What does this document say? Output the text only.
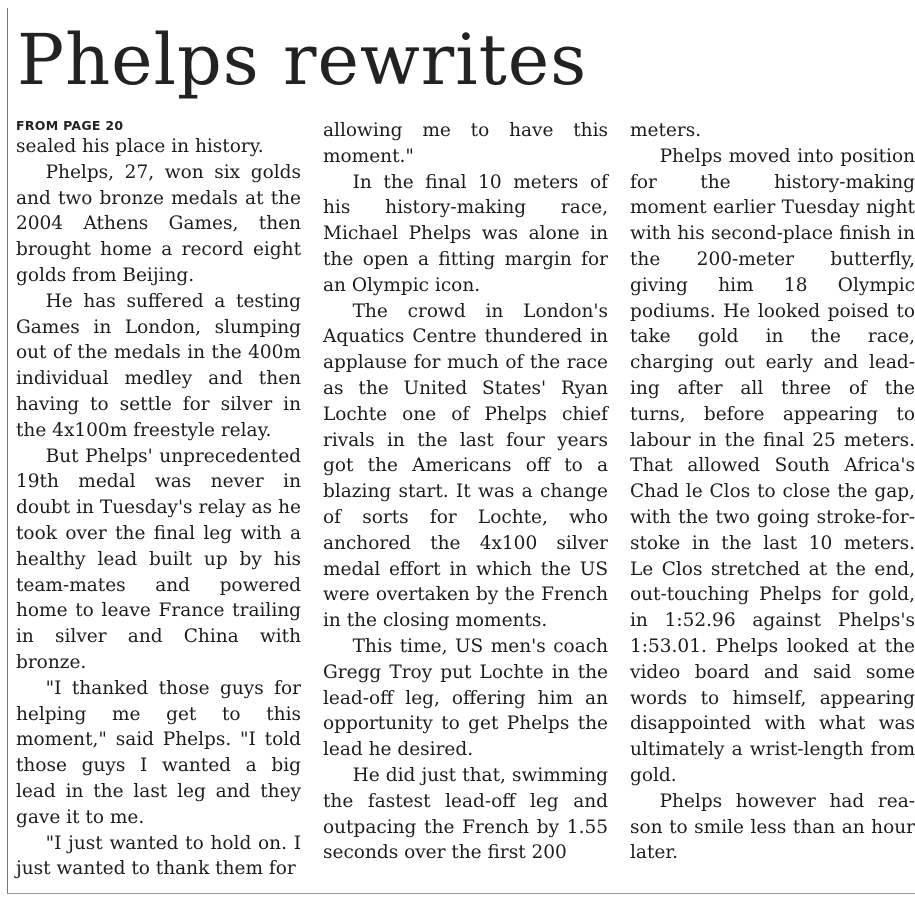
Phelps rewrites
FROM PAGE 20

sealed his place in history.

Phelps, 27, won six golds and two bronze medals at the 2004 Athens Games, then brought home a record eight golds from Beijing.

He has suffered a testing Games in London, slumping out of the medals in the 400m individual medley and then having to settle for silver in the 4x100m freestyle relay.

But Phelps' unprecedented 19th medal was never in doubt in Tuesday's relay as he took over the final leg with a healthy lead built up by his team-mates and powered home to leave France trailing in silver and China with bronze.

"I thanked those guys for helping me get to this moment," said Phelps. "I told those guys I wanted a big lead in the last leg and they gave it to me.

"I just wanted to hold on. I just wanted to thank them for

allowing me to have this moment."

In the final 10 meters of his history-making race, Michael Phelps was alone in the open a fitting margin for an Olympic icon.

The crowd in London's Aquatics Centre thundered in applause for much of the race as the United States' Ryan Lochte one of Phelps chief rivals in the last four years got the Americans off to a blazing start. It was a change of sorts for Lochte, who anchored the 4x100 silver medal effort in which the US were overtaken by the French in the closing moments.

This time, US men's coach Gregg Troy put Lochte in the lead-off leg, offering him an opportunity to get Phelps the lead he desired.

He did just that, swimming the fastest lead-off leg and outpacing the French by 1.55 seconds over the first 200

meters.

Phelps moved into position for the history-making moment earlier Tuesday night with his second-place finish in the 200-meter butterfly, giving him 18 Olympic podiums. He looked poised to take gold in the race, charging out early and leading after all three of the turns, before appearing to labour in the final 25 meters. That allowed South Africa's Chad le Clos to close the gap, with the two going stroke-for-stoke in the last 10 meters. Le Clos stretched at the end, out-touching Phelps for gold, in 1:52.96 against Phelps's 1:53.01. Phelps looked at the video board and said some words to himself, appearing disappointed with what was ultimately a wrist-length from gold.

Phelps however had reason to smile less than an hour later.
